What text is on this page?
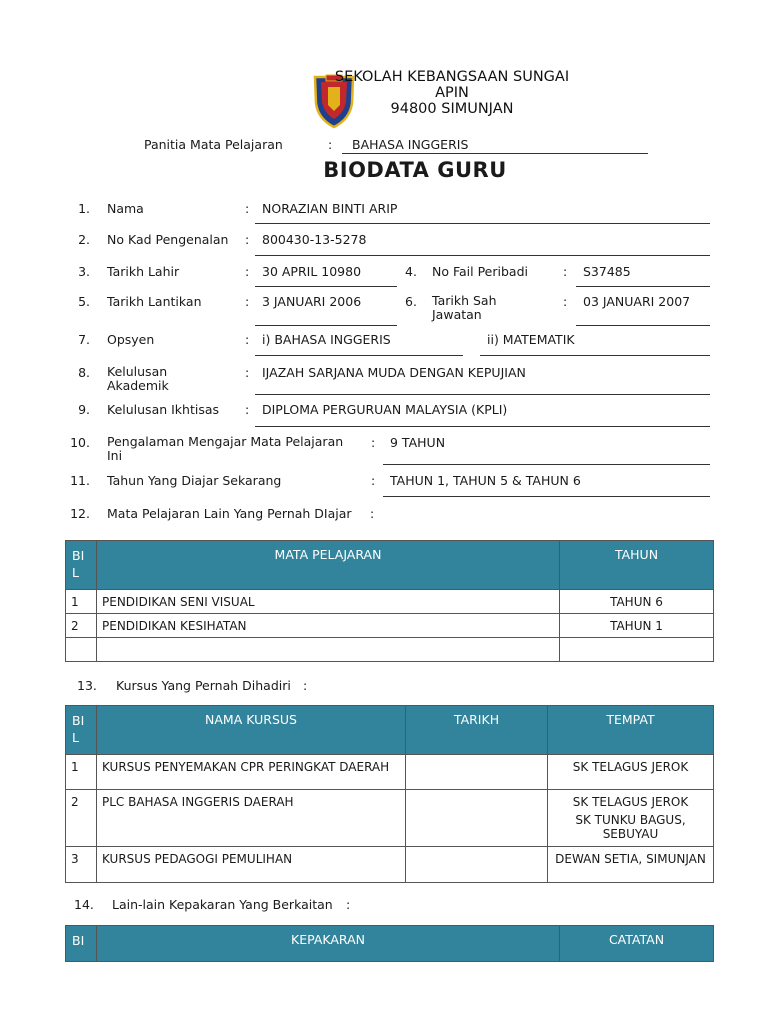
SEKOLAH KEBANGSAAN SUNGAI
APIN
94800 SIMUNJAN
Panitia Mata Pelajaran	: BAHASA INGGERIS
BIODATA GURU
1. Nama	: NORAZIAN BINTI ARIP
2. No Kad Pengenalan : 800430-13-5278
3. Tarikh Lahir	: 30 APRIL 10980	4. No Fail Peribadi	: S37485
5. Tarikh Lantikan	: 3 JANUARI 2006	6. Tarikh Sah
Jawatan
: 03 JANUARI 2007
7. Opsyen	: i) BAHASA INGGERIS	ii) MATEMATIK
8. Kelulusan
Akademik
: IJAZAH SARJANA MUDA DENGAN KEPUJIAN
9. Kelulusan Ikhtisas : DIPLOMA PERGURUAN MALAYSIA (KPLI)
10. Pengalaman Mengajar Mata Pelajaran
Ini
: 9 TAHUN
11. Tahun Yang Diajar Sekarang	: TAHUN 1, TAHUN 5 & TAHUN 6
12. Mata Pelajaran Lain Yang Pernah DIajar :
BI
L	MATA PELAJARAN	TAHUN
1	PENDIDIKAN SENI VISUAL	TAHUN 6
2	PENDIDIKAN KESIHATAN	TAHUN 1

13. Kursus Yang Pernah Dihadiri :
BI
L	NAMA KURSUS	TARIKH	TEMPAT
1	KURSUS PENYEMAKAN CPR PERINGKAT DAERAH		SK TELAGUS JEROK

2	PLC BAHASA INGGERIS DAERAH		SK TELAGUS JEROK
SK TUNKU BAGUS, SEBUYAU

3	KURSUS PEDAGOGI PEMULIHAN		DEWAN SETIA, SIMUNJAN
14. Lain-lain Kepakaran Yang Berkaitan :
BI	KEPAKARAN	CATATAN
